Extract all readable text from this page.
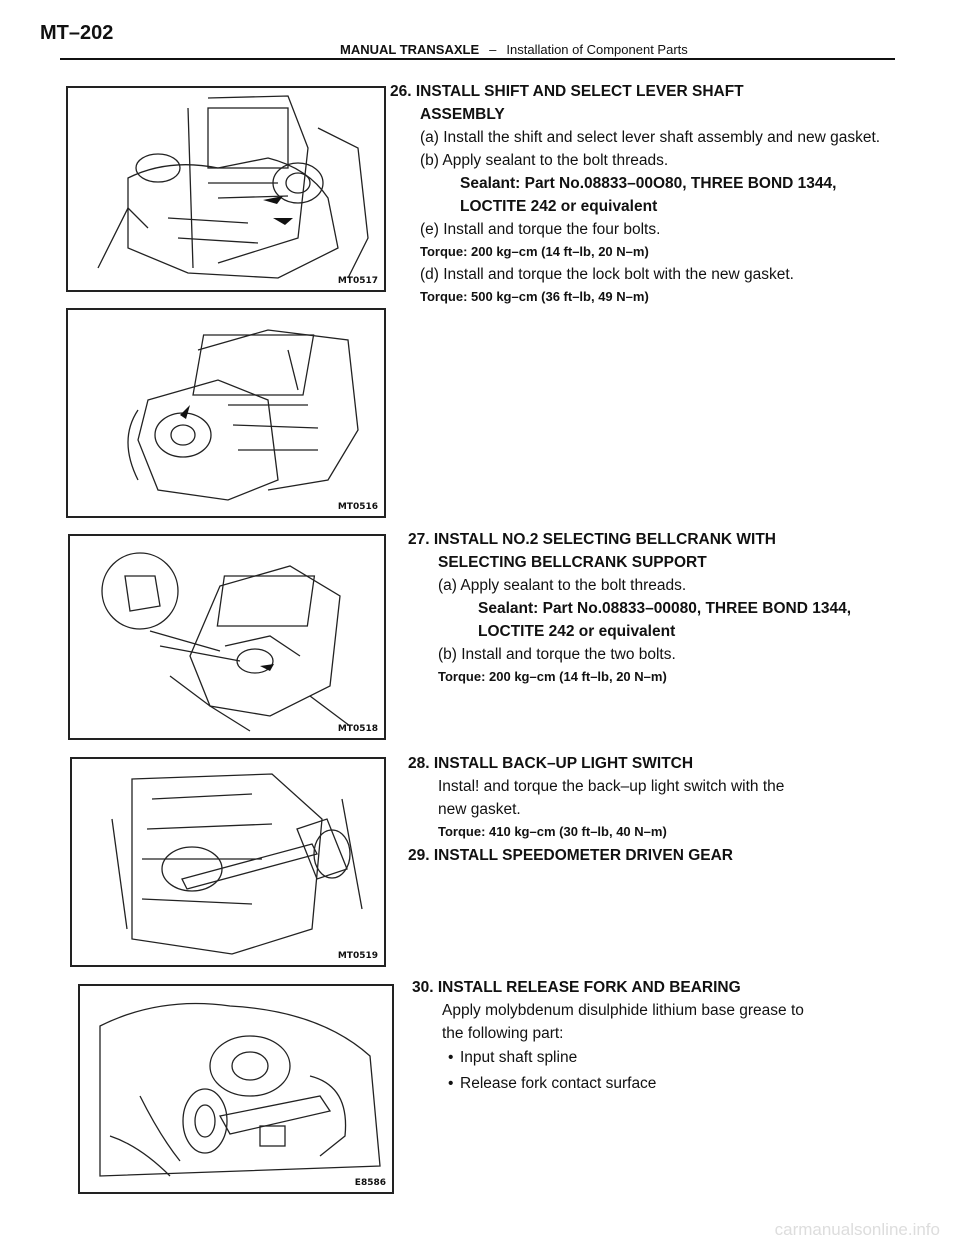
MT–202
MANUAL TRANSAXLE – Installation of Component Parts
MT0517
MT0516
MT0518
MT0519
E8586
26. INSTALL SHIFT AND SELECT LEVER SHAFT
ASSEMBLY
(a) Install the shift and select lever shaft assembly and new gasket.
(b) Apply sealant to the bolt threads.
Sealant: Part No.08833–00O80, THREE BOND 1344,
LOCTITE 242 or equivalent
(e) Install and torque the four bolts.
Torque: 200 kg–cm (14 ft–lb, 20 N–m)
(d) Install and torque the lock bolt with the new gasket.
Torque: 500 kg–cm (36 ft–lb, 49 N–m)
27. INSTALL NO.2 SELECTING BELLCRANK WITH
SELECTING BELLCRANK SUPPORT
(a) Apply sealant to the bolt threads.
Sealant: Part No.08833–00080, THREE BOND 1344,
LOCTITE 242 or equivalent
(b) Install and torque the two bolts.
Torque: 200 kg–cm (14 ft–lb, 20 N–m)
28. INSTALL BACK–UP LIGHT SWITCH
Instal! and torque the back–up light switch with the
new gasket.
Torque: 410 kg–cm (30 ft–lb, 40 N–m)
29. INSTALL SPEEDOMETER DRIVEN GEAR
30. INSTALL RELEASE FORK AND BEARING
Apply molybdenum disulphide lithium base grease to
the following part:
• Input shaft spline
• Release fork contact surface
carmanualsonline.info
